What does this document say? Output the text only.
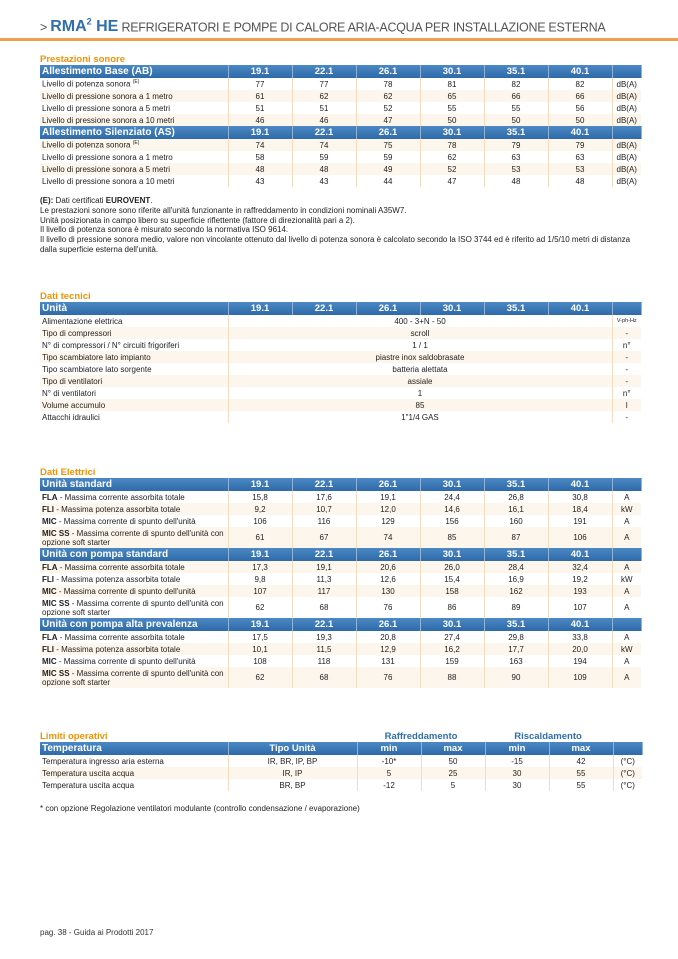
> $RMA^2$ HE REFRIGERATORI E POMPE DI CALORE ARIA-ACQUA PER INSTALLAZIONE ESTERNA
Prestazioni sonore
Allestimento Base (AB)	19.1	22.1	26.1	30.1	35.1	40.1	
Livello di potenza sonora $^{(E)}$	77	77	78	81	82	82	dB(A)
Livello di pressione sonora a 1 metro	61	62	62	65	66	66	dB(A)
Livello di pressione sonora a 5 metri	51	51	52	55	55	56	dB(A)
Livello di pressione sonora a 10 metri	46	46	47	50	50	50	dB(A)
Allestimento Silenziato (AS)	19.1	22.1	26.1	30.1	35.1	40.1	
Livello di potenza sonora $^{(E)}$	74	74	75	78	79	79	dB(A)
Livello di pressione sonora a 1 metro	58	59	59	62	63	63	dB(A)
Livello di pressione sonora a 5 metri	48	48	49	52	53	53	dB(A)
Livello di pressione sonora a 10 metri	43	43	44	47	48	48	dB(A)
(E): Dati certificati EUROVENT.
Le prestazioni sonore sono riferite all'unità funzionante in raffreddamento in condizioni nominali A35W7.
Unità posizionata in campo libero su superficie riflettente (fattore di direzionalità pari a 2).
Il livello di potenza sonora è misurato secondo la normativa ISO 9614.
Il livello di pressione sonora medio, valore non vincolante ottenuto dal livello di potenza sonora è calcolato secondo la ISO 3744 ed è riferito ad 1/5/10 metri di distanza dalla superficie esterna dell'unità.
Dati tecnici
Unità	19.1	22.1	26.1	30.1	35.1	40.1	
Alimentazione elettrica	400 - 3+N - 50						V-ph-Hz
Tipo di compressori	scroll						-
N° di compressori / N° circuiti frigoriferi	1 / 1						n°
Tipo scambiatore lato impianto	piastre inox saldobrasate						-
Tipo scambiatore lato sorgente	batteria alettata						-
Tipo di ventilatori	assiale						-
N° di ventilatori	1						n°
Volume accumulo	85						l
Attacchi idraulici	1"1/4 GAS						-
Dati Elettrici
Unità standard	19.1	22.1	26.1	30.1	35.1	40.1	
FLA - Massima corrente assorbita totale	15,8	17,6	19,1	24,4	26,8	30,8	A
FLI - Massima potenza assorbita totale	9,2	10,7	12,0	14,6	16,1	18,4	kW
MIC - Massima corrente di spunto dell'unità	106	116	129	156	160	191	A
MIC SS - Massima corrente di spunto dell'unità con opzione soft starter	61	67	74	85	87	106	A
Unità con pompa standard	19.1	22.1	26.1	30.1	35.1	40.1	
FLA - Massima corrente assorbita totale	17,3	19,1	20,6	26,0	28,4	32,4	A
FLI - Massima potenza assorbita totale	9,8	11,3	12,6	15,4	16,9	19,2	kW
MIC - Massima corrente di spunto dell'unità	107	117	130	158	162	193	A
MIC SS - Massima corrente di spunto dell'unità con opzione soft starter	62	68	76	86	89	107	A
Unità con pompa alta prevalenza	19.1	22.1	26.1	30.1	35.1	40.1	
FLA - Massima corrente assorbita totale	17,5	19,3	20,8	27,4	29,8	33,8	A
FLI - Massima potenza assorbita totale	10,1	11,5	12,9	16,2	17,7	20,0	kW
MIC - Massima corrente di spunto dell'unità	108	118	131	159	163	194	A
MIC SS - Massima corrente di spunto dell'unità con opzione soft starter	62	68	76	88	90	109	A
Limiti operativi	Raffreddamento	Riscaldamento
Temperatura	Tipo Unità	min	max	min	max	
Temperatura ingresso aria esterna	IR, BR, IP, BP	-10*	50	-15	42	(°C)
Temperatura uscita acqua	IR, IP	5	25	30	55	(°C)
Temperatura uscita acqua	BR, BP	-12	5	30	55	(°C)
* con opzione Regolazione ventilatori modulante (controllo condensazione / evaporazione)
pag. 38 - Guida ai Prodotti 2017
